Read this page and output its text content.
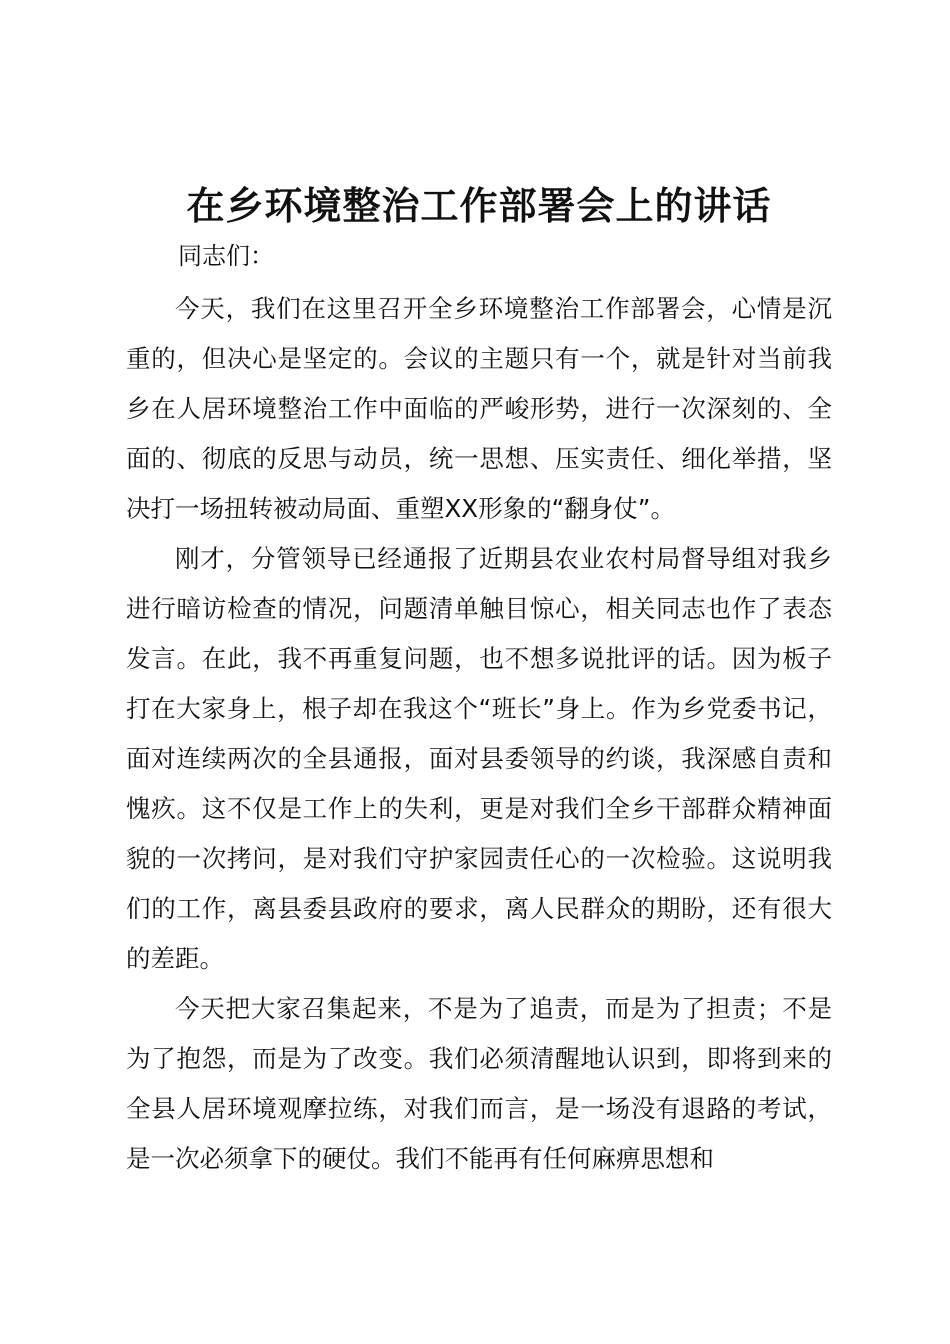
在乡环境整治工作部署会上的讲话

同志们：

今天，我们在这里召开全乡环境整治工作部署会，心情是沉重的，但决心是坚定的。会议的主题只有一个，就是针对当前我乡在人居环境整治工作中面临的严峻形势，进行一次深刻的、全面的、彻底的反思与动员，统一思想、压实责任、细化举措，坚决打一场扭转被动局面、重塑XX形象的“翻身仗”。

刚才，分管领导已经通报了近期县农业农村局督导组对我乡进行暗访检查的情况，问题清单触目惊心，相关同志也作了表态发言。在此，我不再重复问题，也不想多说批评的话。因为板子打在大家身上，根子却在我这个“班长”身上。作为乡党委书记，面对连续两次的全县通报，面对县委领导的约谈，我深感自责和愧疚。这不仅是工作上的失利，更是对我们全乡干部群众精神面貌的一次拷问，是对我们守护家园责任心的一次检验。这说明我们的工作，离县委县政府的要求，离人民群众的期盼，还有很大的差距。

今天把大家召集起来，不是为了追责，而是为了担责；不是为了抱怨，而是为了改变。我们必须清醒地认识到，即将到来的全县人居环境观摩拉练，对我们而言，是一场没有退路的考试，是一次必须拿下的硬仗。我们不能再有任何麻痹思想和
